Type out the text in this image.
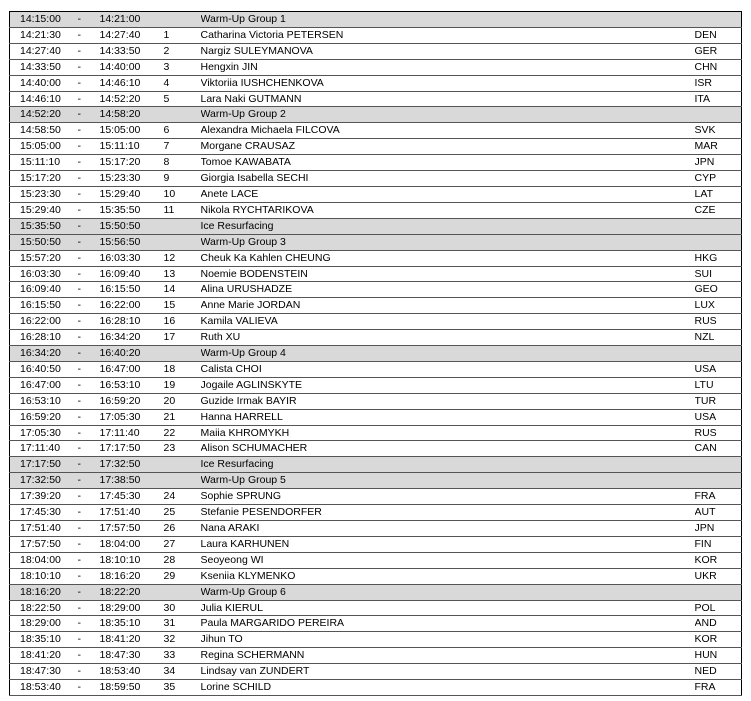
14:15:00	-	14:21:00		Warm-Up Group 1	
14:21:30	-	14:27:40	1	Catharina Victoria PETERSEN	DEN
14:27:40	-	14:33:50	2	Nargiz SULEYMANOVA	GER
14:33:50	-	14:40:00	3	Hengxin JIN	CHN
14:40:00	-	14:46:10	4	Viktoriia IUSHCHENKOVA	ISR
14:46:10	-	14:52:20	5	Lara Naki GUTMANN	ITA
14:52:20	-	14:58:20		Warm-Up Group 2	
14:58:50	-	15:05:00	6	Alexandra Michaela FILCOVA	SVK
15:05:00	-	15:11:10	7	Morgane CRAUSAZ	MAR
15:11:10	-	15:17:20	8	Tomoe KAWABATA	JPN
15:17:20	-	15:23:30	9	Giorgia Isabella SECHI	CYP
15:23:30	-	15:29:40	10	Anete LACE	LAT
15:29:40	-	15:35:50	11	Nikola RYCHTARIKOVA	CZE
15:35:50	-	15:50:50		Ice Resurfacing	
15:50:50	-	15:56:50		Warm-Up Group 3	
15:57:20	-	16:03:30	12	Cheuk Ka Kahlen CHEUNG	HKG
16:03:30	-	16:09:40	13	Noemie BODENSTEIN	SUI
16:09:40	-	16:15:50	14	Alina URUSHADZE	GEO
16:15:50	-	16:22:00	15	Anne Marie JORDAN	LUX
16:22:00	-	16:28:10	16	Kamila VALIEVA	RUS
16:28:10	-	16:34:20	17	Ruth XU	NZL
16:34:20	-	16:40:20		Warm-Up Group 4	
16:40:50	-	16:47:00	18	Calista CHOI	USA
16:47:00	-	16:53:10	19	Jogaile AGLINSKYTE	LTU
16:53:10	-	16:59:20	20	Guzide Irmak BAYIR	TUR
16:59:20	-	17:05:30	21	Hanna HARRELL	USA
17:05:30	-	17:11:40	22	Maiia KHROMYKH	RUS
17:11:40	-	17:17:50	23	Alison SCHUMACHER	CAN
17:17:50	-	17:32:50		Ice Resurfacing	
17:32:50	-	17:38:50		Warm-Up Group 5	
17:39:20	-	17:45:30	24	Sophie SPRUNG	FRA
17:45:30	-	17:51:40	25	Stefanie PESENDORFER	AUT
17:51:40	-	17:57:50	26	Nana ARAKI	JPN
17:57:50	-	18:04:00	27	Laura KARHUNEN	FIN
18:04:00	-	18:10:10	28	Seoyeong WI	KOR
18:10:10	-	18:16:20	29	Kseniia KLYMENKO	UKR
18:16:20	-	18:22:20		Warm-Up Group 6	
18:22:50	-	18:29:00	30	Julia KIERUL	POL
18:29:00	-	18:35:10	31	Paula MARGARIDO PEREIRA	AND
18:35:10	-	18:41:20	32	Jihun TO	KOR
18:41:20	-	18:47:30	33	Regina SCHERMANN	HUN
18:47:30	-	18:53:40	34	Lindsay van ZUNDERT	NED
18:53:40	-	18:59:50	35	Lorine SCHILD	FRA
